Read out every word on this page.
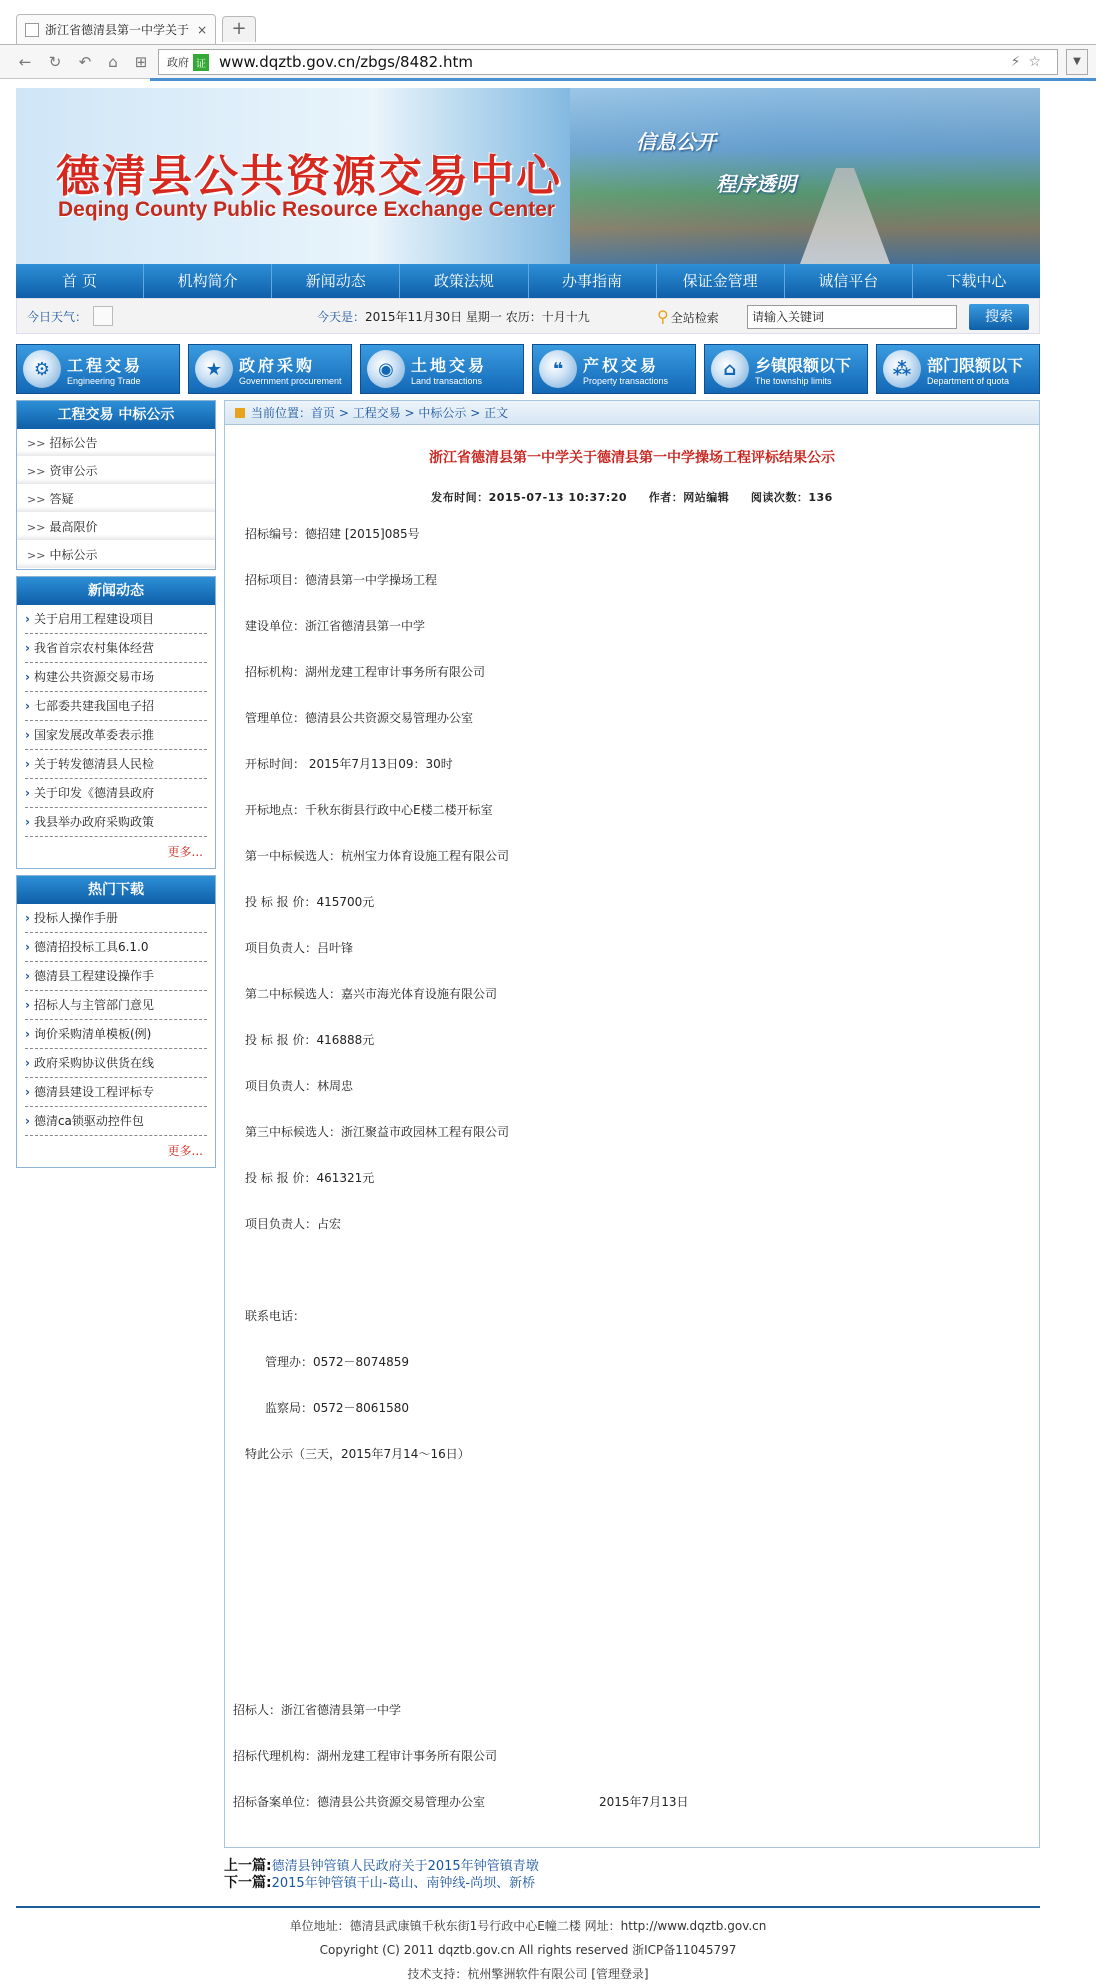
浙江省德清县第一中学关于 ×	+
←	↻	↶	⌂	⊞	政府 证 www.dqztb.gov.cn/zbgs/8482.htm	⚡☆	▼
德清县公共资源交易中心
Deqing County Public Resource Exchange Center
信息公开
程序透明
首 页	机构简介	新闻动态	政策法规	办事指南	保证金管理	诚信平台	下载中心
今日天气：	今天是：2015年11月30日 星期一 农历：十月十九	⚲ 全站检索	请输入关键词	搜索
⚙	工程交易
Engineering Trade
★	政府采购
Government procurement
◉	土地交易
Land transactions
❝	产权交易
Property transactions
⌂	乡镇限额以下
The township limits
⁂ 部门限额以下
Department of quota
工程交易 中标公示
>> 招标公告
>> 资审公示
>> 答疑
>> 最高限价
>> 中标公示
新闻动态
› 关于启用工程建设项目
› 我省首宗农村集体经营
› 构建公共资源交易市场
› 七部委共建我国电子招
› 国家发展改革委表示推
› 关于转发德清县人民检
› 关于印发《德清县政府
› 我县举办政府采购政策
更多...
热门下载
› 投标人操作手册
› 德清招投标工具6.1.0
› 德清县工程建设操作手
› 招标人与主管部门意见
› 询价采购清单模板(例)
› 政府采购协议供货在线
› 德清县建设工程评标专
› 德清ca锁驱动控件包
更多...
当前位置：首页 > 工程交易 > 中标公示 > 正文
浙江省德清县第一中学关于德清县第一中学操场工程评标结果公示
发布时间：2015-07-13 10:37:20 作者：网站编辑 阅读次数：136

招标编号：德招建 [2015]085号

招标项目：德清县第一中学操场工程

建设单位：浙江省德清县第一中学

招标机构：湖州龙建工程审计事务所有限公司

管理单位：德清县公共资源交易管理办公室

开标时间： 2015年7月13日09：30时

开标地点：千秋东街县行政中心E楼二楼开标室

第一中标候选人：杭州宝力体育设施工程有限公司

投 标 报 价：415700元

项目负责人：吕叶锋

第二中标候选人：嘉兴市海光体育设施有限公司

投 标 报 价：416888元

项目负责人：林周忠

第三中标候选人：浙江聚益市政园林工程有限公司

投 标 报 价：461321元

项目负责人：占宏

联系电话：

管理办：0572－8074859

监察局：0572－8061580

特此公示（三天，2015年7月14～16日）

招标人：浙江省德清县第一中学

招标代理机构：湖州龙建工程审计事务所有限公司

招标备案单位：德清县公共资源交易管理办公室	2015年7月13日

上一篇:德清县钟管镇人民政府关于2015年钟管镇青墩
下一篇:2015年钟管镇干山-葛山、南钟线-尚坝、新桥
单位地址：德清县武康镇千秋东街1号行政中心E幢二楼 网址：http://www.dqztb.gov.cn
Copyright (C) 2011 dqztb.gov.cn All rights reserved 浙ICP备11045797
技术支持：杭州擎洲软件有限公司 [管理登录]
